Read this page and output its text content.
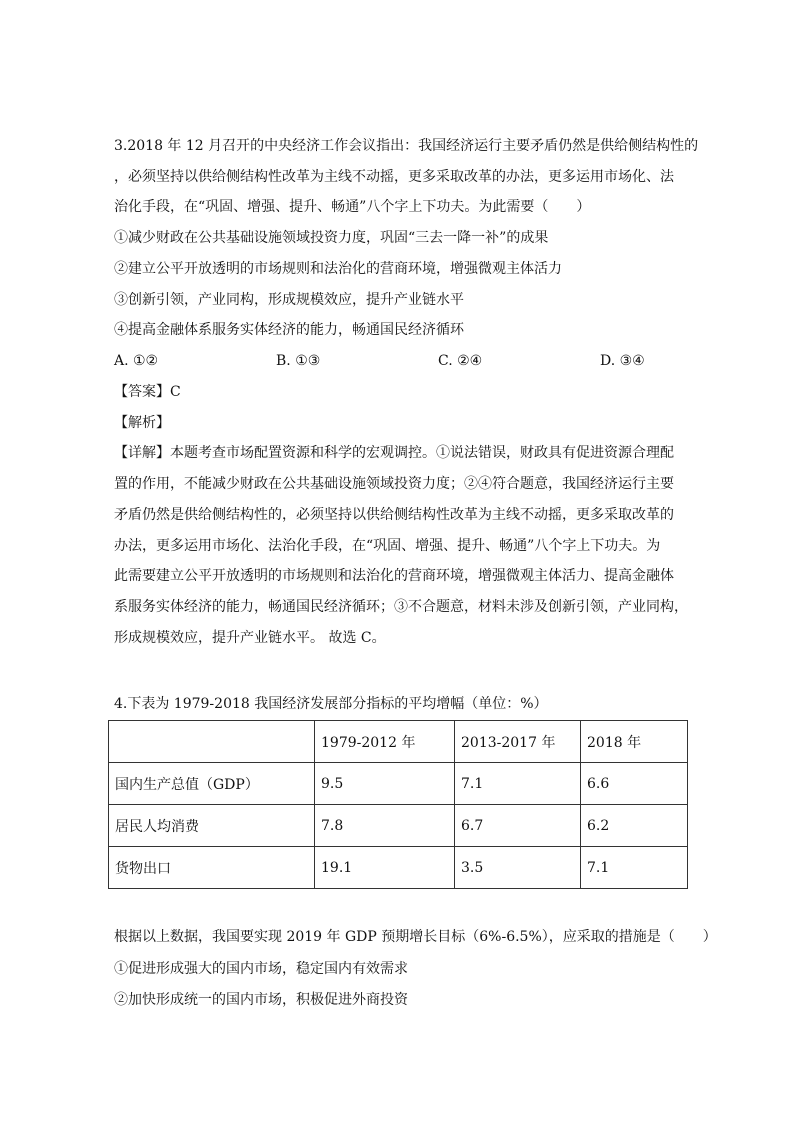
3.2018 年 12 月召开的中央经济工作会议指出：我国经济运行主要矛盾仍然是供给侧结构性的
，必须坚持以供给侧结构性改革为主线不动摇，更多采取改革的办法，更多运用市场化、法
治化手段，在“巩固、增强、提升、畅通”八个字上下功夫。为此需要（　　）
①减少财政在公共基础设施领域投资力度，巩固“三去一降一补”的成果
②建立公平开放透明的市场规则和法治化的营商环境，增强微观主体活力
③创新引领，产业同构，形成规模效应，提升产业链水平
④提高金融体系服务实体经济的能力，畅通国民经济循环
A. ①②	B. ①③	C. ②④	D. ③④
【答案】C
【解析】
【详解】本题考查市场配置资源和科学的宏观调控。①说法错误，财政具有促进资源合理配
置的作用，不能减少财政在公共基础设施领域投资力度；②④符合题意，我国经济运行主要
矛盾仍然是供给侧结构性的，必须坚持以供给侧结构性改革为主线不动摇，更多采取改革的
办法，更多运用市场化、法治化手段，在“巩固、增强、提升、畅通”八个字上下功夫。为
此需要建立公平开放透明的市场规则和法治化的营商环境，增强微观主体活力、提高金融体
系服务实体经济的能力，畅通国民经济循环；③不合题意，材料未涉及创新引领，产业同构，
形成规模效应，提升产业链水平。 故选 C。
4.下表为 1979-2018 我国经济发展部分指标的平均增幅（单位：%）
	1979-2012 年	2013-2017 年	2018 年
国内生产总值（GDP）	9.5	7.1	6.6
居民人均消费	7.8	6.7	6.2
货物出口	19.1	3.5	7.1
根据以上数据，我国要实现 2019 年 GDP 预期增长目标（6%-6.5%），应采取的措施是（　　）
①促进形成强大的国内市场，稳定国内有效需求
②加快形成统一的国内市场，积极促进外商投资
